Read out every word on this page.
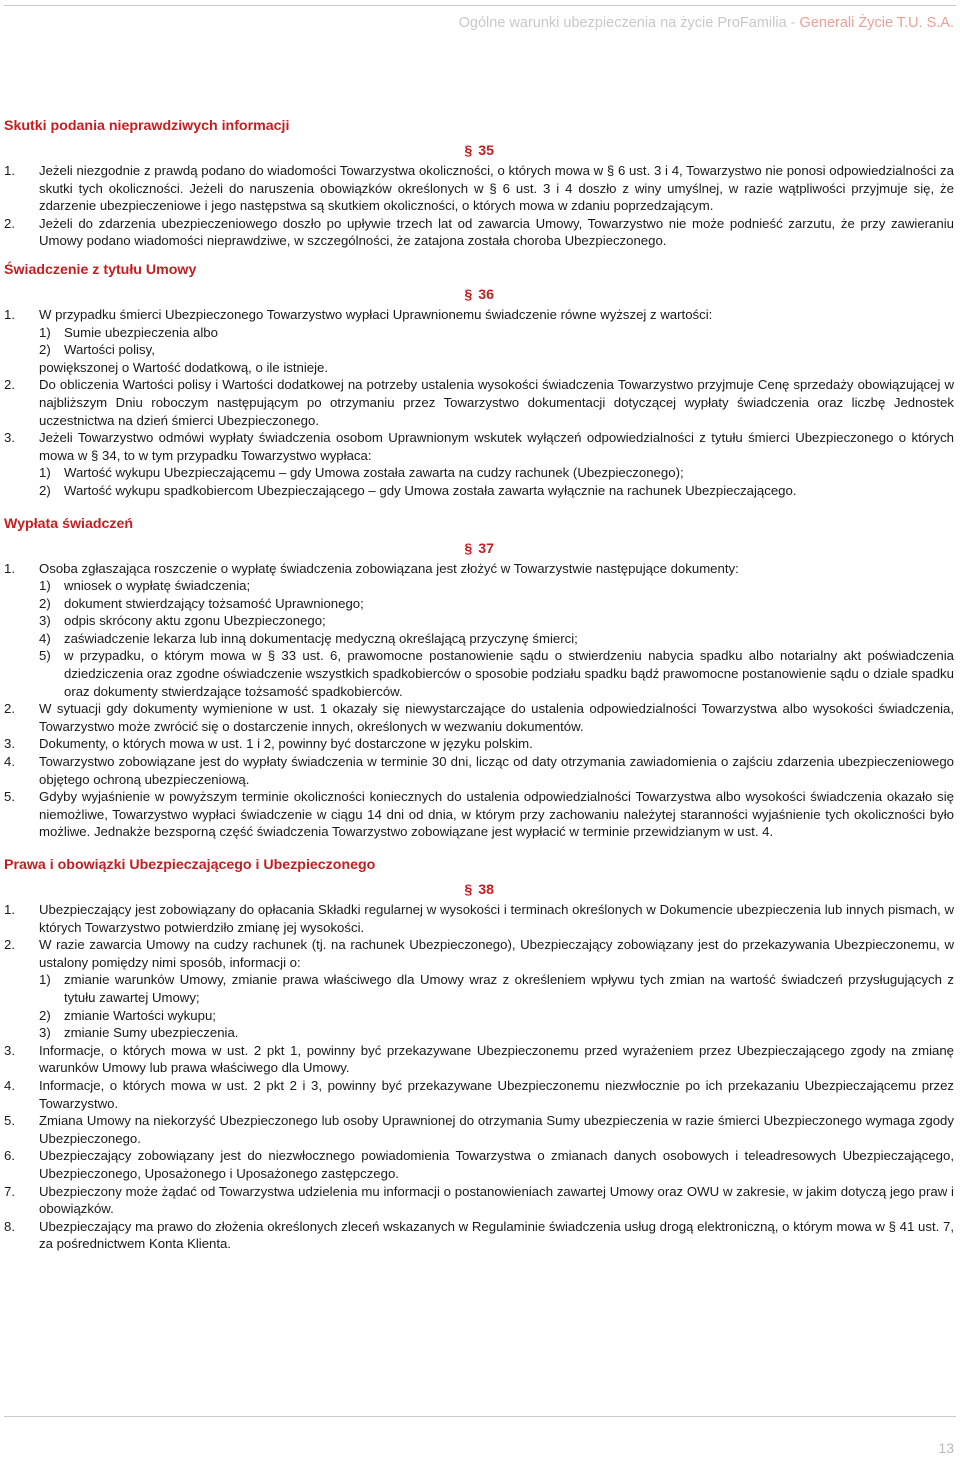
Ogólne warunki ubezpieczenia na życie ProFamilia - Generali Życie T.U. S.A.
Skutki podania nieprawdziwych informacji
§ 35
1.	Jeżeli niezgodnie z prawdą podano do wiadomości Towarzystwa okoliczności, o których mowa w § 6 ust. 3 i 4, Towarzystwo nie ponosi odpowiedzialności za skutki tych okoliczności. Jeżeli do naruszenia obowiązków określonych w § 6 ust. 3 i 4 doszło z winy umyślnej, w razie wątpliwości przyjmuje się, że zdarzenie ubezpieczeniowe i jego następstwa są skutkiem okoliczności, o których mowa w zdaniu poprzedzającym.
2.	Jeżeli do zdarzenia ubezpieczeniowego doszło po upływie trzech lat od zawarcia Umowy, Towarzystwo nie może podnieść zarzutu, że przy zawieraniu Umowy podano wiadomości nieprawdziwe, w szczególności, że zatajona została choroba Ubezpieczonego.
Świadczenie z tytułu Umowy
§ 36
1.	W przypadku śmierci Ubezpieczonego Towarzystwo wypłaci Uprawnionemu świadczenie równe wyższej z wartości:
1)	Sumie ubezpieczenia albo
2)	Wartości polisy,
powiększonej o Wartość dodatkową, o ile istnieje.
2.	Do obliczenia Wartości polisy i Wartości dodatkowej na potrzeby ustalenia wysokości świadczenia Towarzystwo przyjmuje Cenę sprzedaży obowiązującej w najbliższym Dniu roboczym następującym po otrzymaniu przez Towarzystwo dokumentacji dotyczącej wypłaty świadczenia oraz liczbę Jednostek uczestnictwa na dzień śmierci Ubezpieczonego.
3.	Jeżeli Towarzystwo odmówi wypłaty świadczenia osobom Uprawnionym wskutek wyłączeń odpowiedzialności z tytułu śmierci Ubezpieczonego o których mowa w § 34, to w tym przypadku Towarzystwo wypłaca:
1)	Wartość wykupu Ubezpieczającemu – gdy Umowa została zawarta na cudzy rachunek (Ubezpieczonego);
2)	Wartość wykupu spadkobiercom Ubezpieczającego – gdy Umowa została zawarta wyłącznie na rachunek Ubezpieczającego.
Wypłata świadczeń
§ 37
1.	Osoba zgłaszająca roszczenie o wypłatę świadczenia zobowiązana jest złożyć w Towarzystwie następujące dokumenty:
1)	wniosek o wypłatę świadczenia;
2)	dokument stwierdzający tożsamość Uprawnionego;
3)	odpis skrócony aktu zgonu Ubezpieczonego;
4)	zaświadczenie lekarza lub inną dokumentację medyczną określającą przyczynę śmierci;
5)	w przypadku, o którym mowa w § 33 ust. 6, prawomocne postanowienie sądu o stwierdzeniu nabycia spadku albo notarialny akt poświadczenia dziedziczenia oraz zgodne oświadczenie wszystkich spadkobierców o sposobie podziału spadku bądź prawomocne postanowienie sądu o dziale spadku oraz dokumenty stwierdzające tożsamość spadkobierców.
2.	W sytuacji gdy dokumenty wymienione w ust. 1 okazały się niewystarczające do ustalenia odpowiedzialności Towarzystwa albo wysokości świadczenia, Towarzystwo może zwrócić się o dostarczenie innych, określonych w wezwaniu dokumentów.
3.	Dokumenty, o których mowa w ust. 1 i 2, powinny być dostarczone w języku polskim.
4.	Towarzystwo zobowiązane jest do wypłaty świadczenia w terminie 30 dni, licząc od daty otrzymania zawiadomienia o zajściu zdarzenia ubezpieczeniowego objętego ochroną ubezpieczeniową.
5.	Gdyby wyjaśnienie w powyższym terminie okoliczności koniecznych do ustalenia odpowiedzialności Towarzystwa albo wysokości świadczenia okazało się niemożliwe, Towarzystwo wypłaci świadczenie w ciągu 14 dni od dnia, w którym przy zachowaniu należytej staranności wyjaśnienie tych okoliczności było możliwe. Jednakże bezsporną część świadczenia Towarzystwo zobowiązane jest wypłacić w terminie przewidzianym w ust. 4.
Prawa i obowiązki Ubezpieczającego i Ubezpieczonego
§ 38
1.	Ubezpieczający jest zobowiązany do opłacania Składki regularnej w wysokości i terminach określonych w Dokumencie ubezpieczenia lub innych pismach, w których Towarzystwo potwierdziło zmianę jej wysokości.
2.	W razie zawarcia Umowy na cudzy rachunek (tj. na rachunek Ubezpieczonego), Ubezpieczający zobowiązany jest do przekazywania Ubezpieczonemu, w ustalony pomiędzy nimi sposób, informacji o:
1)	zmianie warunków Umowy, zmianie prawa właściwego dla Umowy wraz z określeniem wpływu tych zmian na wartość świadczeń przysługujących z tytułu zawartej Umowy;
2)	zmianie Wartości wykupu;
3)	zmianie Sumy ubezpieczenia.
3.	Informacje, o których mowa w ust. 2 pkt 1, powinny być przekazywane Ubezpieczonemu przed wyrażeniem przez Ubezpieczającego zgody na zmianę warunków Umowy lub prawa właściwego dla Umowy.
4.	Informacje, o których mowa w ust. 2 pkt 2 i 3, powinny być przekazywane Ubezpieczonemu niezwłocznie po ich przekazaniu Ubezpieczającemu przez Towarzystwo.
5.	Zmiana Umowy na niekorzyść Ubezpieczonego lub osoby Uprawnionej do otrzymania Sumy ubezpieczenia w razie śmierci Ubezpieczonego wymaga zgody Ubezpieczonego.
6.	Ubezpieczający zobowiązany jest do niezwłocznego powiadomienia Towarzystwa o zmianach danych osobowych i teleadresowych Ubezpieczającego, Ubezpieczonego, Uposażonego i Uposażonego zastępczego.
7.	Ubezpieczony może żądać od Towarzystwa udzielenia mu informacji o postanowieniach zawartej Umowy oraz OWU w zakresie, w jakim dotyczą jego praw i obowiązków.
8.	Ubezpieczający ma prawo do złożenia określonych zleceń wskazanych w Regulaminie świadczenia usług drogą elektroniczną, o którym mowa w § 41 ust. 7, za pośrednictwem Konta Klienta.
13
